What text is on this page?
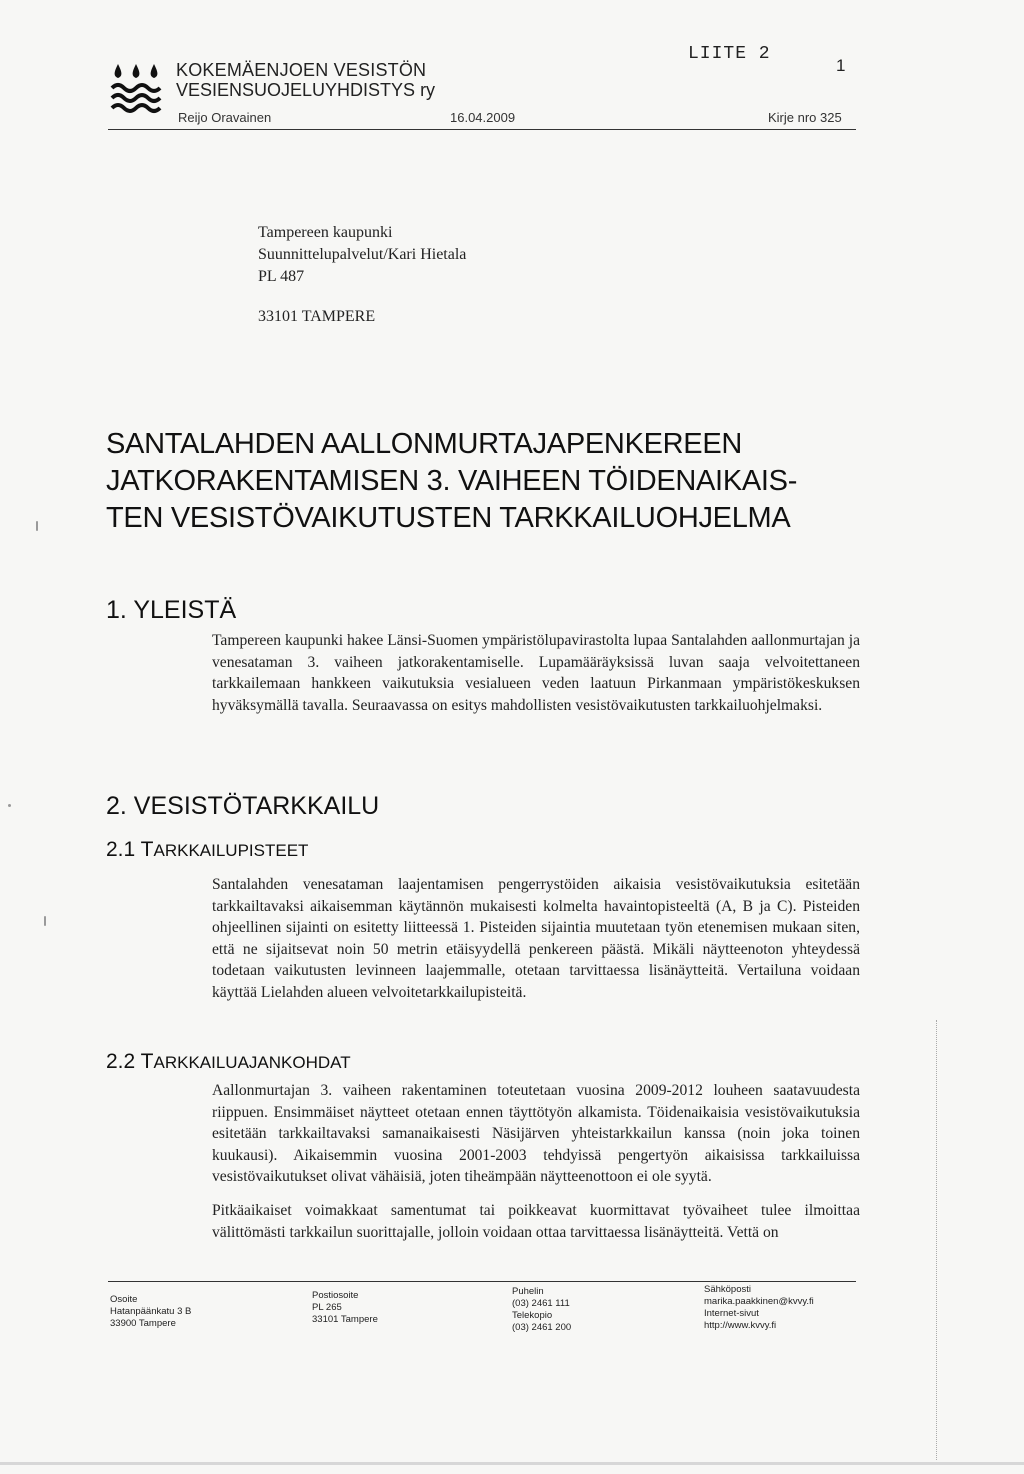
KOKEMÄENJOEN VESISTÖN
VESIENSUOJELUYHDISTYS ry
LIITE 2
1
Reijo Oravainen	16.04.2009	Kirje nro 325
Tampereen kaupunki
Suunnittelupalvelut/Kari Hietala
PL 487
33101 TAMPERE
SANTALAHDEN AALLONMURTAJAPENKEREEN
JATKORAKENTAMISEN 3. VAIHEEN TÖIDENAIKAIS-
TEN VESISTÖVAIKUTUSTEN TARKKAILUOHJELMA
1. YLEISTÄ
Tampereen kaupunki hakee Länsi-Suomen ympäristölupavirastolta lupaa Santalahden aallonmurtajan ja venesataman 3. vaiheen jatkorakentamiselle. Lupamääräyksissä luvan saaja velvoitettaneen tarkkailemaan hankkeen vaikutuksia vesialueen veden laatuun Pirkanmaan ympäristökeskuksen hyväksymällä tavalla. Seuraavassa on esitys mahdollisten vesistövaikutusten tarkkailuohjelmaksi.
2. VESISTÖTARKKAILU
2.1 TARKKAILUPISTEET
Santalahden venesataman laajentamisen pengerrystöiden aikaisia vesistövaikutuksia esitetään tarkkailtavaksi aikaisemman käytännön mukaisesti kolmelta havaintopisteeltä (A, B ja C). Pisteiden ohjeellinen sijainti on esitetty liitteessä 1. Pisteiden sijaintia muutetaan työn etenemisen mukaan siten, että ne sijaitsevat noin 50 metrin etäisyydellä penkereen päästä. Mikäli näytteenoton yhteydessä todetaan vaikutusten levinneen laajemmalle, otetaan tarvittaessa lisänäytteitä. Vertailuna voidaan käyttää Lielahden alueen velvoitetarkkailupisteitä.
2.2 TARKKAILUAJANKOHDAT
Aallonmurtajan 3. vaiheen rakentaminen toteutetaan vuosina 2009-2012 louheen saatavuudesta riippuen. Ensimmäiset näytteet otetaan ennen täyttötyön alkamista. Töidenaikaisia vesistövaikutuksia esitetään tarkkailtavaksi samanaikaisesti Näsijärven yhteistarkkailun kanssa (noin joka toinen kuukausi). Aikaisemmin vuosina 2001-2003 tehdyissä pengertyön aikaisissa tarkkailuissa vesistövaikutukset olivat vähäisiä, joten tiheämpään näytteenottoon ei ole syytä.
Pitkäaikaiset voimakkaat samentumat tai poikkeavat kuormittavat työvaiheet tulee ilmoittaa välittömästi tarkkailun suorittajalle, jolloin voidaan ottaa tarvittaessa lisänäytteitä. Vettä on
Osoite
Hatanpäänkatu 3 B
33900 Tampere
Postiosoite
PL 265
33101 Tampere
Puhelin
(03) 2461 111
Telekopio
(03) 2461 200
Sähköposti
marika.paakkinen@kvvy.fi
Internet-sivut
http://www.kvvy.fi
